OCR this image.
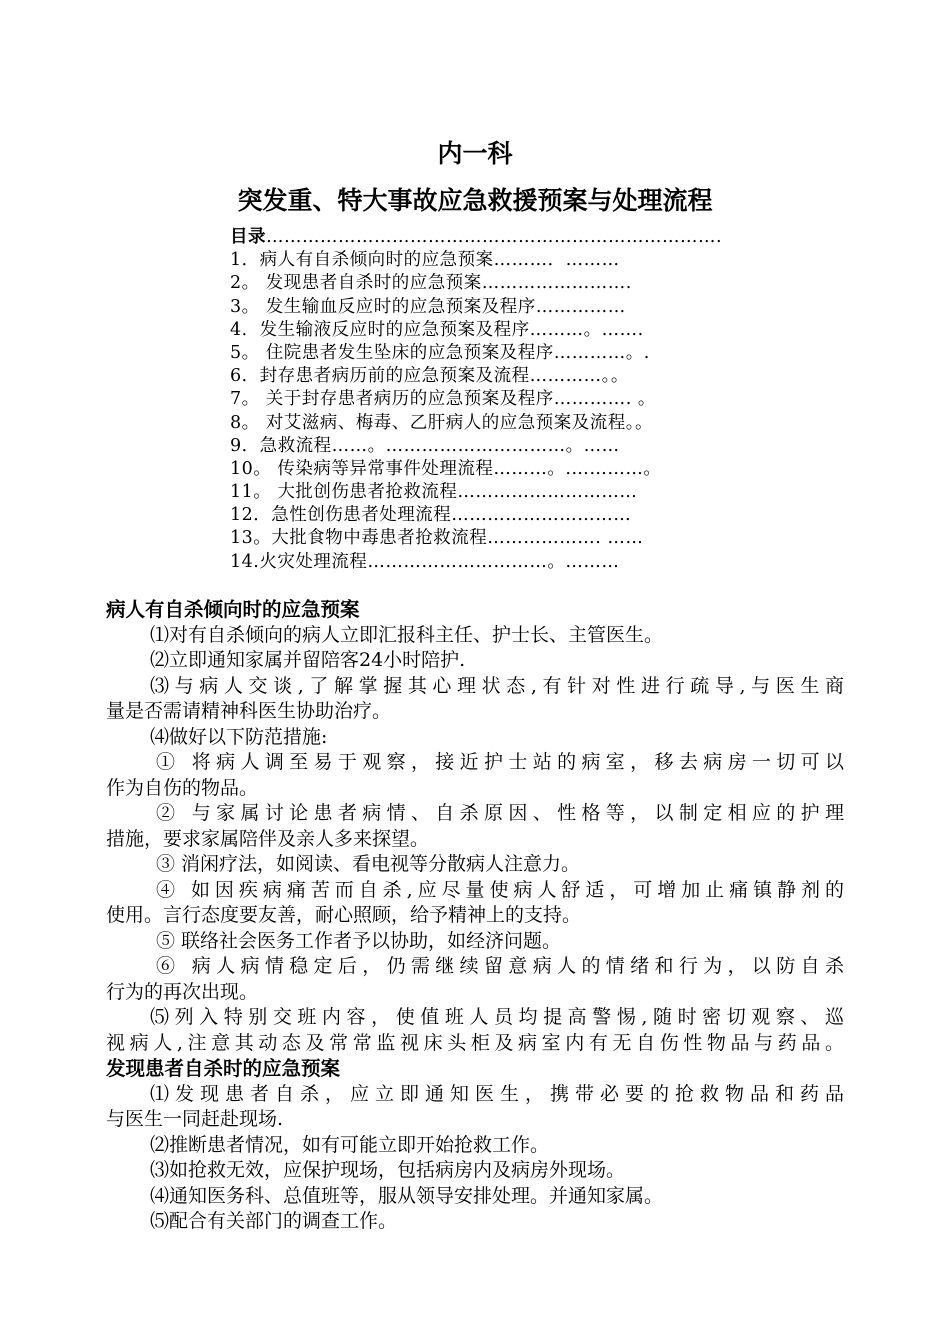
内一科
突发重、特大事故应急救援预案与处理流程
目录………………………………………………………………….
1．病人有自杀倾向时的应急预案………．………
2。 发现患者自杀时的应急预案…………………….
3。 发生输血反应时的应急预案及程序……………
4．发生输液反应时的应急预案及程序………。…….
5。 住院患者发生坠床的应急预案及程序…………。.
6．封存患者病历前的应急预案及流程…………。。
7。 关于封存患者病历的应急预案及程序…………. 。
8。 对艾滋病、梅毒、乙肝病人的应急预案及流程。。
9．急救流程……。…………………………。……
10。 传染病等异常事件处理流程………。.…………。
11。 大批创伤患者抢救流程…………………………
12．急性创伤患者处理流程…………………………
13。大批食物中毒患者抢救流程………………. ……
14.火灾处理流程…………………………。………
病人有自杀倾向时的应急预案
⑴对有自杀倾向的病人立即汇报科主任、护士长、主管医生。
⑵立即通知家属并留陪客24小时陪护.
⑶与病人交谈,了解掌握其心理状态,有针对性进行疏导,与医生商
量是否需请精神科医生协助治疗。
⑷做好以下防范措施:
① 将病人调至易于观察，接近护士站的病室，移去病房一切可以
作为自伤的物品。
② 与家属讨论患者病情、自杀原因、性格等，以制定相应的护理
措施，要求家属陪伴及亲人多来探望。
③ 消闲疗法，如阅读、看电视等分散病人注意力。
④ 如因疾病痛苦而自杀,应尽量使病人舒适，可增加止痛镇静剂的
使用。言行态度要友善，耐心照顾，给予精神上的支持。
⑤ 联络社会医务工作者予以协助，如经济问题。
⑥ 病人病情稳定后，仍需继续留意病人的情绪和行为，以防自杀
行为的再次出现。
⑸列入特别交班内容，使值班人员均提高警惕,随时密切观察、巡
视病人,注意其动态及常常监视床头柜及病室内有无自伤性物品与药品。
发现患者自杀时的应急预案
⑴发现患者自杀，应立即通知医生，携带必要的抢救物品和药品
与医生一同赶赴现场.
⑵推断患者情况，如有可能立即开始抢救工作。
⑶如抢救无效，应保护现场，包括病房内及病房外现场。
⑷通知医务科、总值班等，服从领导安排处理。并通知家属。
⑸配合有关部门的调查工作。
